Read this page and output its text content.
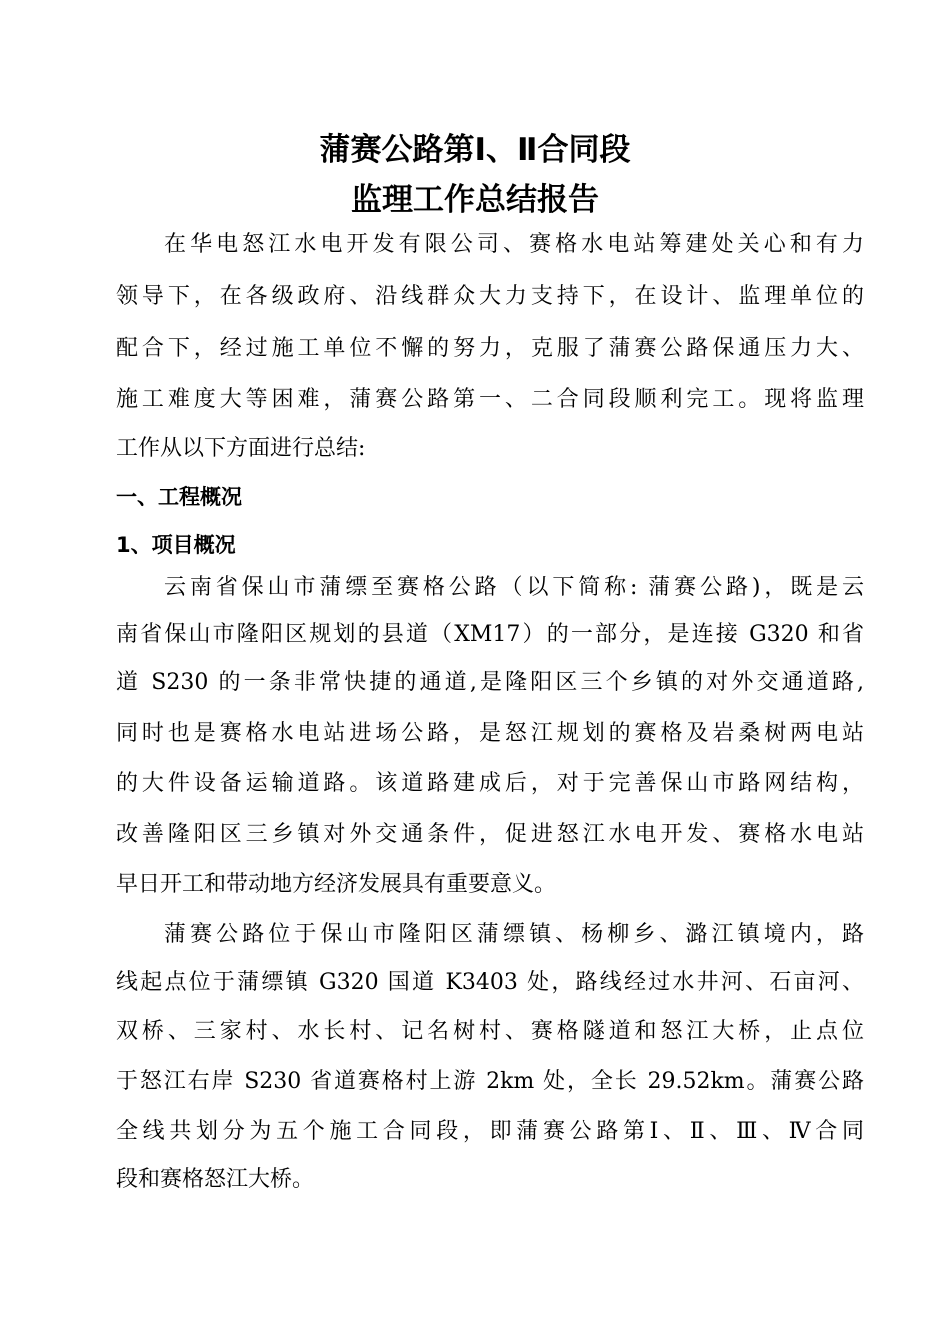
蒲赛公路第Ⅰ、Ⅱ合同段
监理工作总结报告

在华电怒江水电开发有限公司、赛格水电站筹建处关心和有力

领导下，在各级政府、沿线群众大力支持下，在设计、监理单位的

配合下，经过施工单位不懈的努力，克服了蒲赛公路保通压力大、

施工难度大等困难，蒲赛公路第一、二合同段顺利完工。现将监理

工作从以下方面进行总结:

一、工程概况

1、项目概况

云南省保山市蒲缥至赛格公路（以下简称: 蒲赛公路)，既是云

南省保山市隆阳区规划的县道（XM17）的一部分，是连接 G320 和省

道 S230 的一条非常快捷的通道,是隆阳区三个乡镇的对外交通道路,

同时也是赛格水电站进场公路，是怒江规划的赛格及岩桑树两电站

的大件设备运输道路。该道路建成后，对于完善保山市路网结构，

改善隆阳区三乡镇对外交通条件，促进怒江水电开发、赛格水电站

早日开工和带动地方经济发展具有重要意义。

蒲赛公路位于保山市隆阳区蒲缥镇、杨柳乡、潞江镇境内，路

线起点位于蒲缥镇 G320 国道 K3403 处，路线经过水井河、石亩河、

双桥、三家村、水长村、记名树村、赛格隧道和怒江大桥，止点位

于怒江右岸 S230 省道赛格村上游 2km 处，全长 29.52km。蒲赛公路

全线共划分为五个施工合同段，即蒲赛公路第Ⅰ、Ⅱ、Ⅲ、Ⅳ合同

段和赛格怒江大桥。
